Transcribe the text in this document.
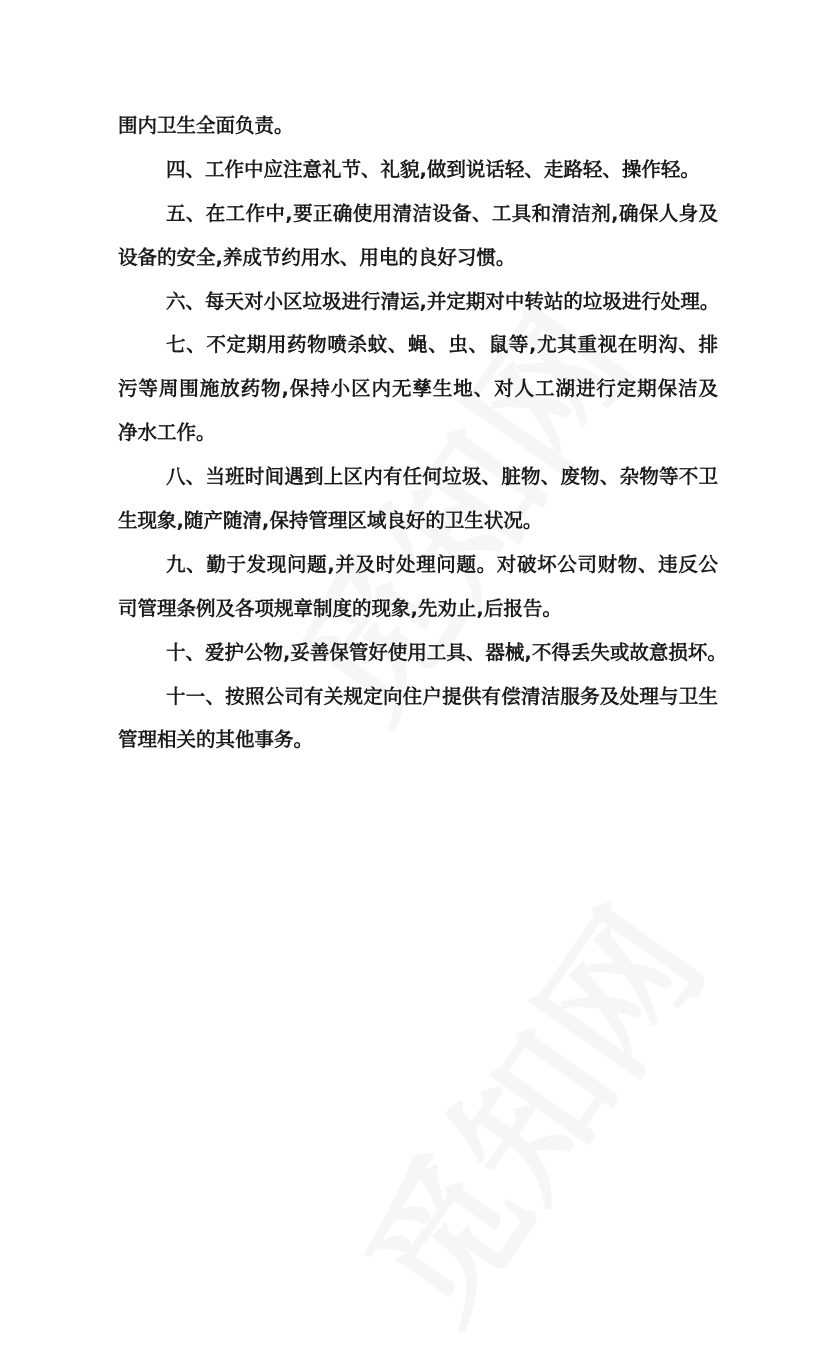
围内卫生全面负责。
四、工作中应注意礼节、礼貌,做到说话轻、走路轻、操作轻。
五、在工作中,要正确使用清洁设备、工具和清洁剂,确保人身及
设备的安全,养成节约用水、用电的良好习惯。
六、每天对小区垃圾进行清运,并定期对中转站的垃圾进行处理。
七、不定期用药物喷杀蚊、蝇、虫、鼠等,尤其重视在明沟、排
污等周围施放药物,保持小区内无孳生地、对人工湖进行定期保洁及
净水工作。
八、当班时间遇到上区内有任何垃圾、脏物、废物、杂物等不卫
生现象,随产随清,保持管理区域良好的卫生状况。
九、勤于发现问题,并及时处理问题。对破坏公司财物、违反公
司管理条例及各项规章制度的现象,先劝止,后报告。
十、爱护公物,妥善保管好使用工具、器械,不得丢失或故意损坏。
十一、按照公司有关规定向住户提供有偿清洁服务及处理与卫生
管理相关的其他事务。
